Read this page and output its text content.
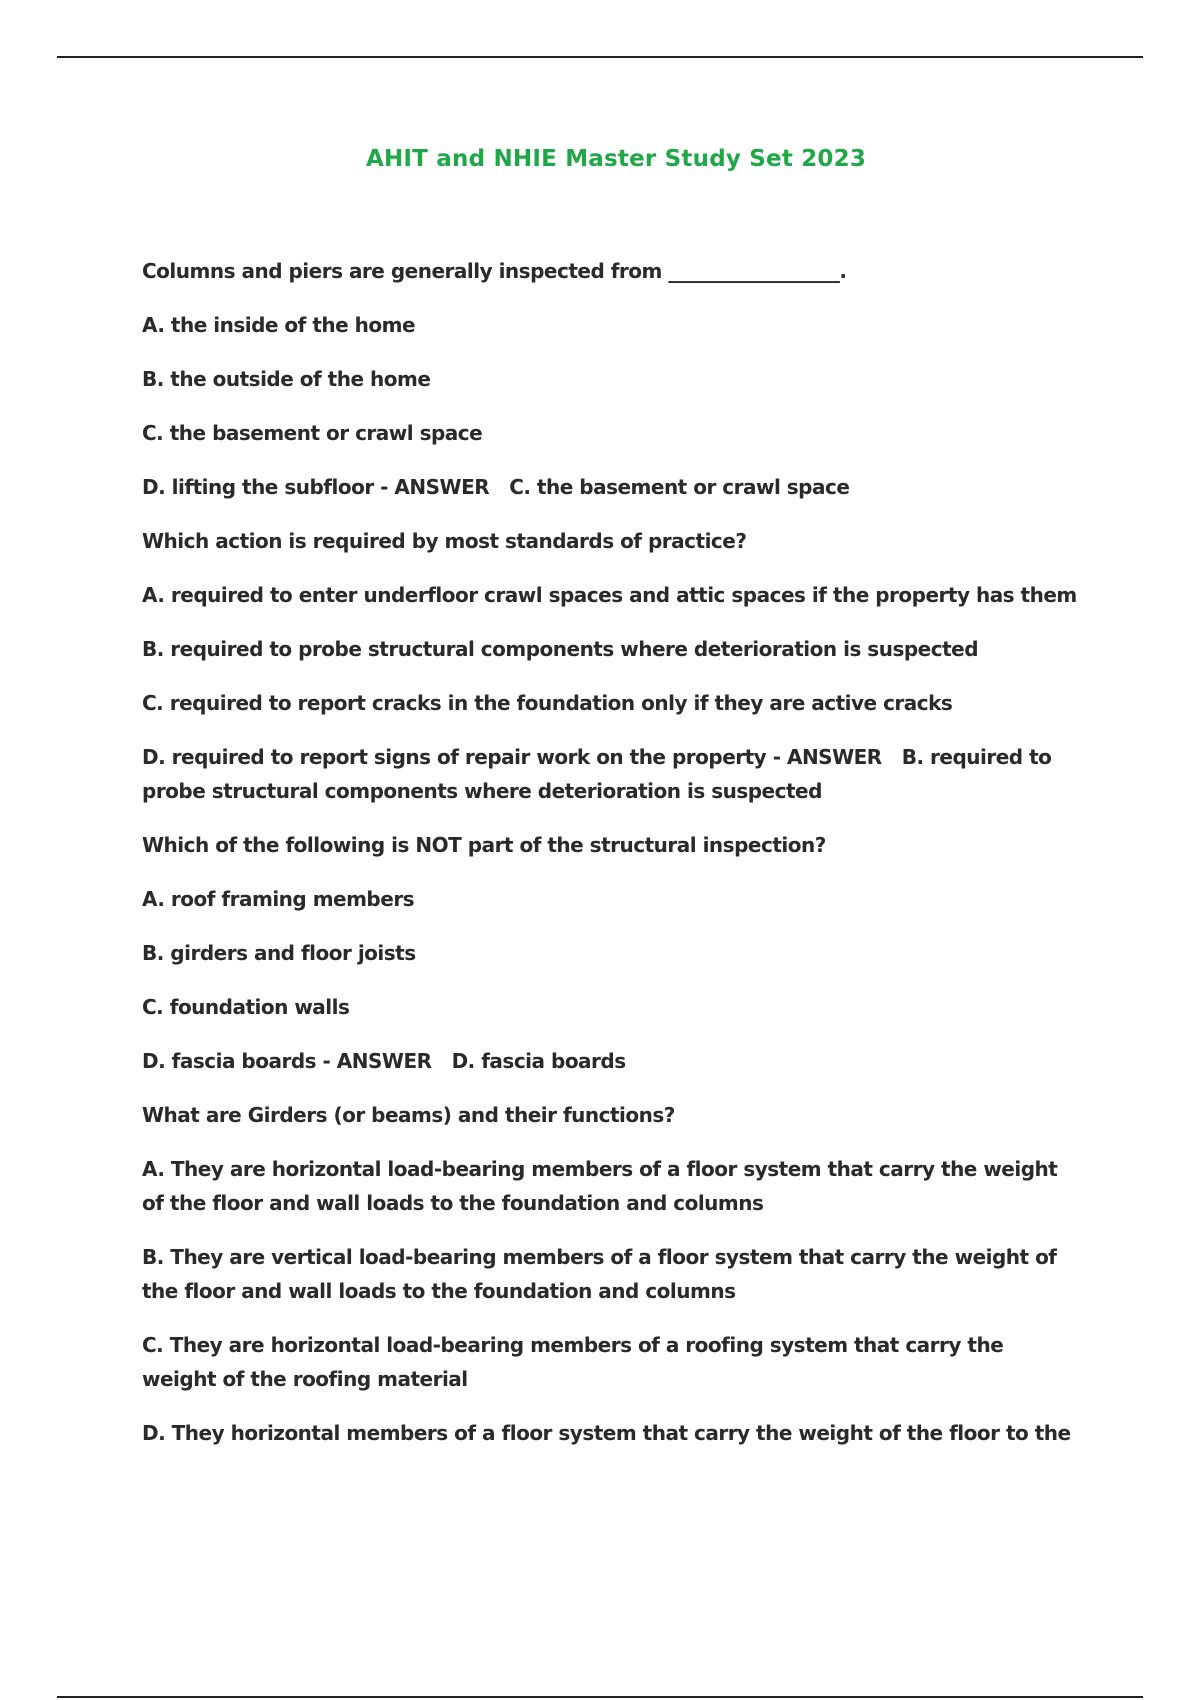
AHIT and NHIE Master Study Set 2023
Columns and piers are generally inspected from __________________.
A. the inside of the home
B. the outside of the home
C. the basement or crawl space
D. lifting the subfloor - ANSWER C. the basement or crawl space
Which action is required by most standards of practice?
A. required to enter underfloor crawl spaces and attic spaces if the property has them
B. required to probe structural components where deterioration is suspected
C. required to report cracks in the foundation only if they are active cracks
D. required to report signs of repair work on the property - ANSWER B. required to probe structural components where deterioration is suspected
Which of the following is NOT part of the structural inspection?
A. roof framing members
B. girders and floor joists
C. foundation walls
D. fascia boards - ANSWER D. fascia boards
What are Girders (or beams) and their functions?
A. They are horizontal load-bearing members of a floor system that carry the weight of the floor and wall loads to the foundation and columns
B. They are vertical load-bearing members of a floor system that carry the weight of the floor and wall loads to the foundation and columns
C. They are horizontal load-bearing members of a roofing system that carry the weight of the roofing material
D. They horizontal members of a floor system that carry the weight of the floor to the
